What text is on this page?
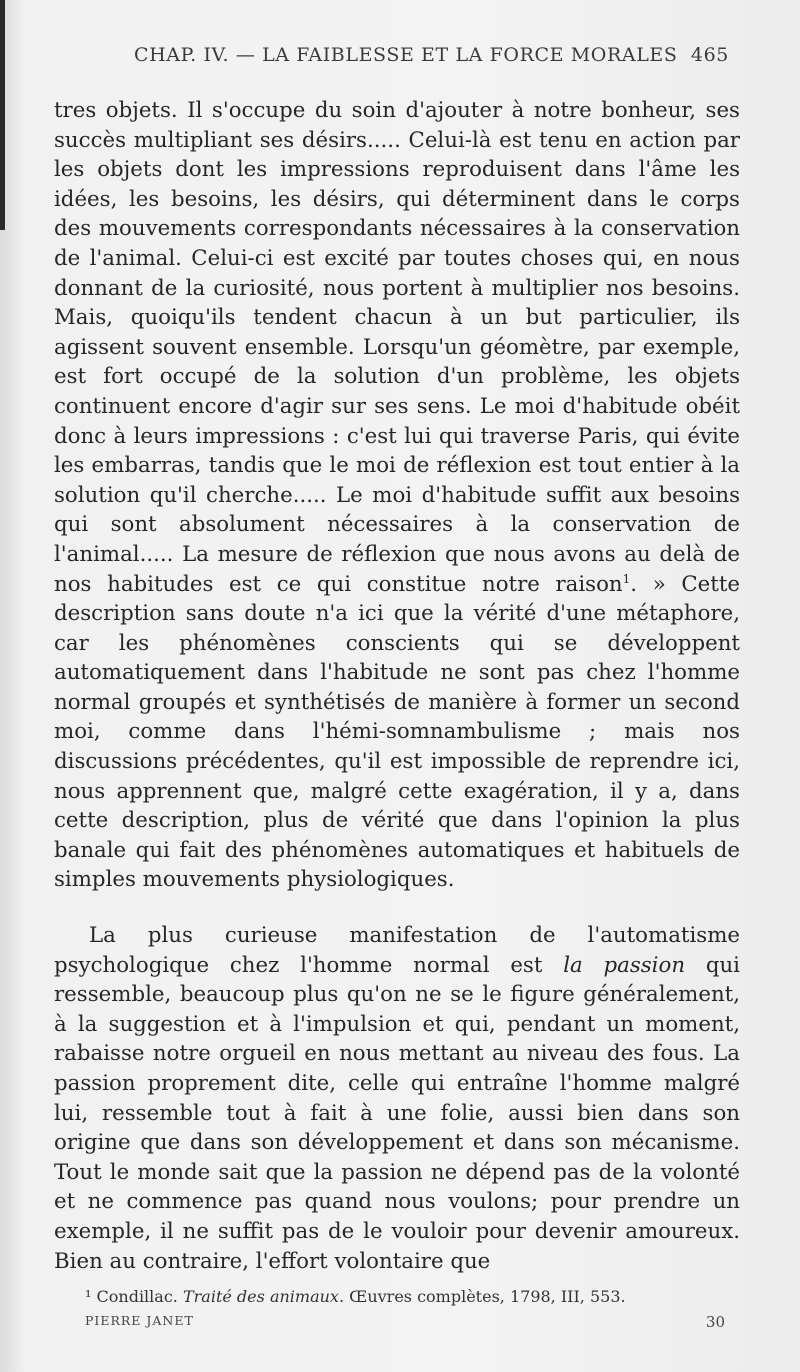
CHAP. IV. — LA FAIBLESSE ET LA FORCE MORALES 465

tres objets. Il s'occupe du soin d'ajouter à notre bonheur, ses succès multipliant ses désirs..... Celui-là est tenu en action par les objets dont les impressions reproduisent dans l'âme les idées, les besoins, les désirs, qui déterminent dans le corps des mouvements correspondants nécessaires à la conservation de l'animal. Celui-ci est excité par toutes choses qui, en nous donnant de la curiosité, nous portent à multiplier nos besoins. Mais, quoiqu'ils tendent chacun à un but particulier, ils agissent souvent ensemble. Lorsqu'un géomètre, par exemple, est fort occupé de la solution d'un problème, les objets continuent encore d'agir sur ses sens. Le moi d'habitude obéit donc à leurs impressions : c'est lui qui traverse Paris, qui évite les embarras, tandis que le moi de réflexion est tout entier à la solution qu'il cherche..... Le moi d'habitude suffit aux besoins qui sont absolument nécessaires à la conservation de l'animal..... La mesure de réflexion que nous avons au delà de nos habitudes est ce qui constitue notre raison$^1$. » Cette description sans doute n'a ici que la vérité d'une métaphore, car les phénomènes conscients qui se développent automatiquement dans l'habitude ne sont pas chez l'homme normal groupés et synthétisés de manière à former un second moi, comme dans l'hémi-somnambulisme ; mais nos discussions précédentes, qu'il est impossible de reprendre ici, nous apprennent que, malgré cette exagération, il y a, dans cette description, plus de vérité que dans l'opinion la plus banale qui fait des phénomènes automatiques et habituels de simples mouvements physiologiques.

La plus curieuse manifestation de l'automatisme psychologique chez l'homme normal est la passion qui ressemble, beaucoup plus qu'on ne se le figure généralement, à la suggestion et à l'impulsion et qui, pendant un moment, rabaisse notre orgueil en nous mettant au niveau des fous. La passion proprement dite, celle qui entraîne l'homme malgré lui, ressemble tout à fait à une folie, aussi bien dans son origine que dans son développement et dans son mécanisme. Tout le monde sait que la passion ne dépend pas de la volonté et ne commence pas quand nous voulons; pour prendre un exemple, il ne suffit pas de le vouloir pour devenir amoureux. Bien au contraire, l'effort volontaire que

¹ Condillac. Traité des animaux. Œuvres complètes, 1798, III, 553.
PIERRE JANET	30
